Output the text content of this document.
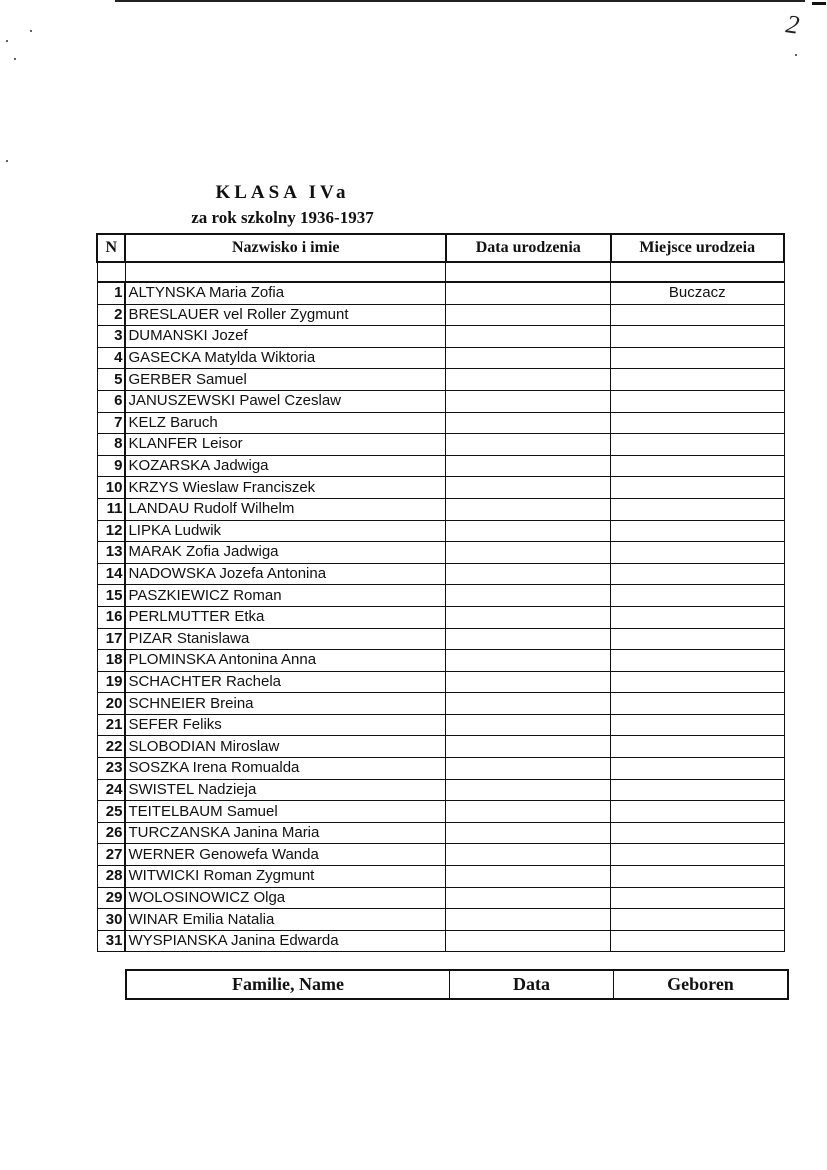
2
KLASA IVa
za rok szkolny 1936-1937
N	Nazwisko i imie	Data urodzenia	Miejsce urodzeia

1	ALTYNSKA Maria Zofia		Buczacz
2	BRESLAUER vel Roller Zygmunt		
3	DUMANSKI Jozef		
4	GASECKA Matylda Wiktoria		
5	GERBER Samuel		
6	JANUSZEWSKI Pawel Czeslaw		
7	KELZ Baruch		
8	KLANFER Leisor		
9	KOZARSKA Jadwiga		
10	KRZYS Wieslaw Franciszek		
11	LANDAU Rudolf Wilhelm		
12	LIPKA Ludwik		
13	MARAK Zofia Jadwiga		
14	NADOWSKA Jozefa Antonina		
15	PASZKIEWICZ Roman		
16	PERLMUTTER Etka		
17	PIZAR Stanislawa		
18	PLOMINSKA Antonina Anna		
19	SCHACHTER Rachela		
20	SCHNEIER Breina		
21	SEFER Feliks		
22	SLOBODIAN Miroslaw		
23	SOSZKA Irena Romualda		
24	SWISTEL Nadzieja		
25	TEITELBAUM Samuel		
26	TURCZANSKA Janina Maria		
27	WERNER Genowefa Wanda		
28	WITWICKI Roman Zygmunt		
29	WOLOSINOWICZ Olga		
30	WINAR Emilia Natalia		
31	WYSPIANSKA Janina Edwarda		
Familie, Name	Data	Geboren
